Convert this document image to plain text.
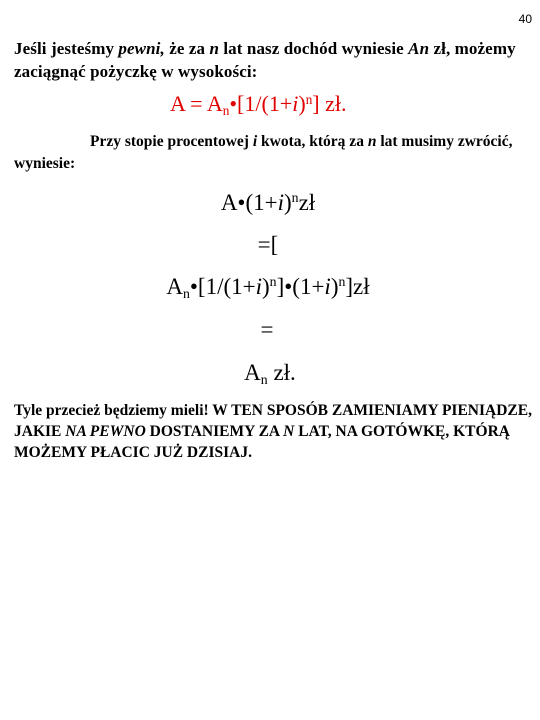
40
Jeśli jesteśmy pewni, że za n lat nasz dochód wyniesie An zł, możemy zaciągnąć pożyczkę w wysokości:
$A = A_n•[1/(1+i)^n]$ zł.
Przy stopie procentowej i kwota, którą za n lat musimy zwrócić, wyniesie:
$A•(1+i)^nzł$
=[
$A_n•[1/(1+i)^n]•(1+i)^n]zł$
=
$A_n$ zł.
Tyle przecież będziemy mieli! W TEN SPOSÓB ZAMIENIAMY PIENIĄDZE, JAKIE NA PEWNO DOSTANIEMY ZA N LAT, NA GOTÓWKĘ, KTÓRĄ MOŻEMY PŁACIC JUŻ DZISIAJ.
